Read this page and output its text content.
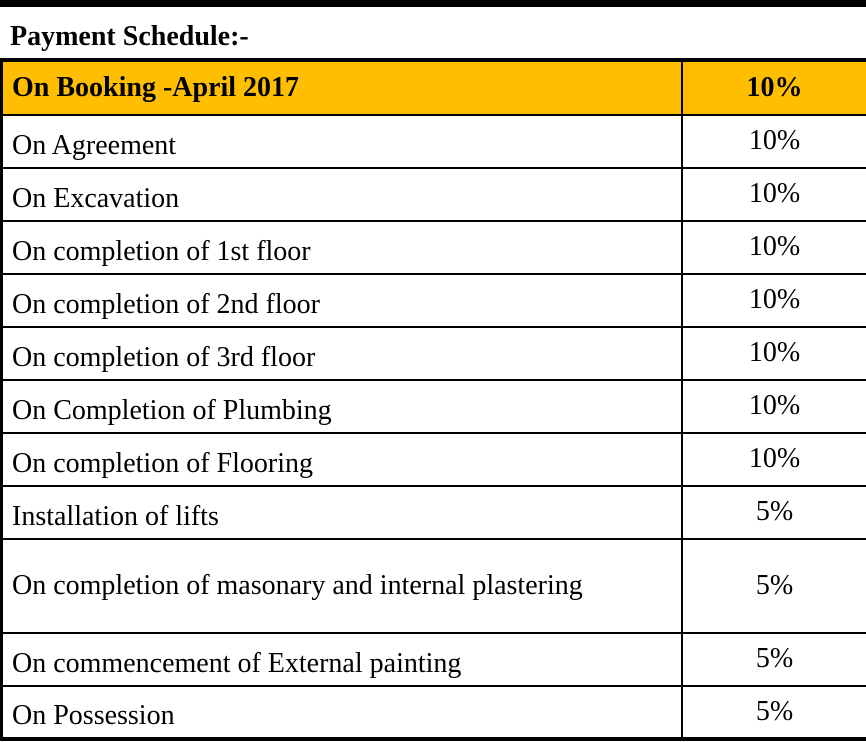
Payment Schedule:-
On Booking -April 2017	10%
On Agreement	10%
On Excavation	10%
On completion of 1st floor	10%
On completion of 2nd floor	10%
On completion of 3rd floor	10%
On Completion of Plumbing	10%
On completion of Flooring	10%
Installation of lifts	5%
On completion of masonary and internal plastering	5%
On commencement of External painting	5%
On Possession	5%
